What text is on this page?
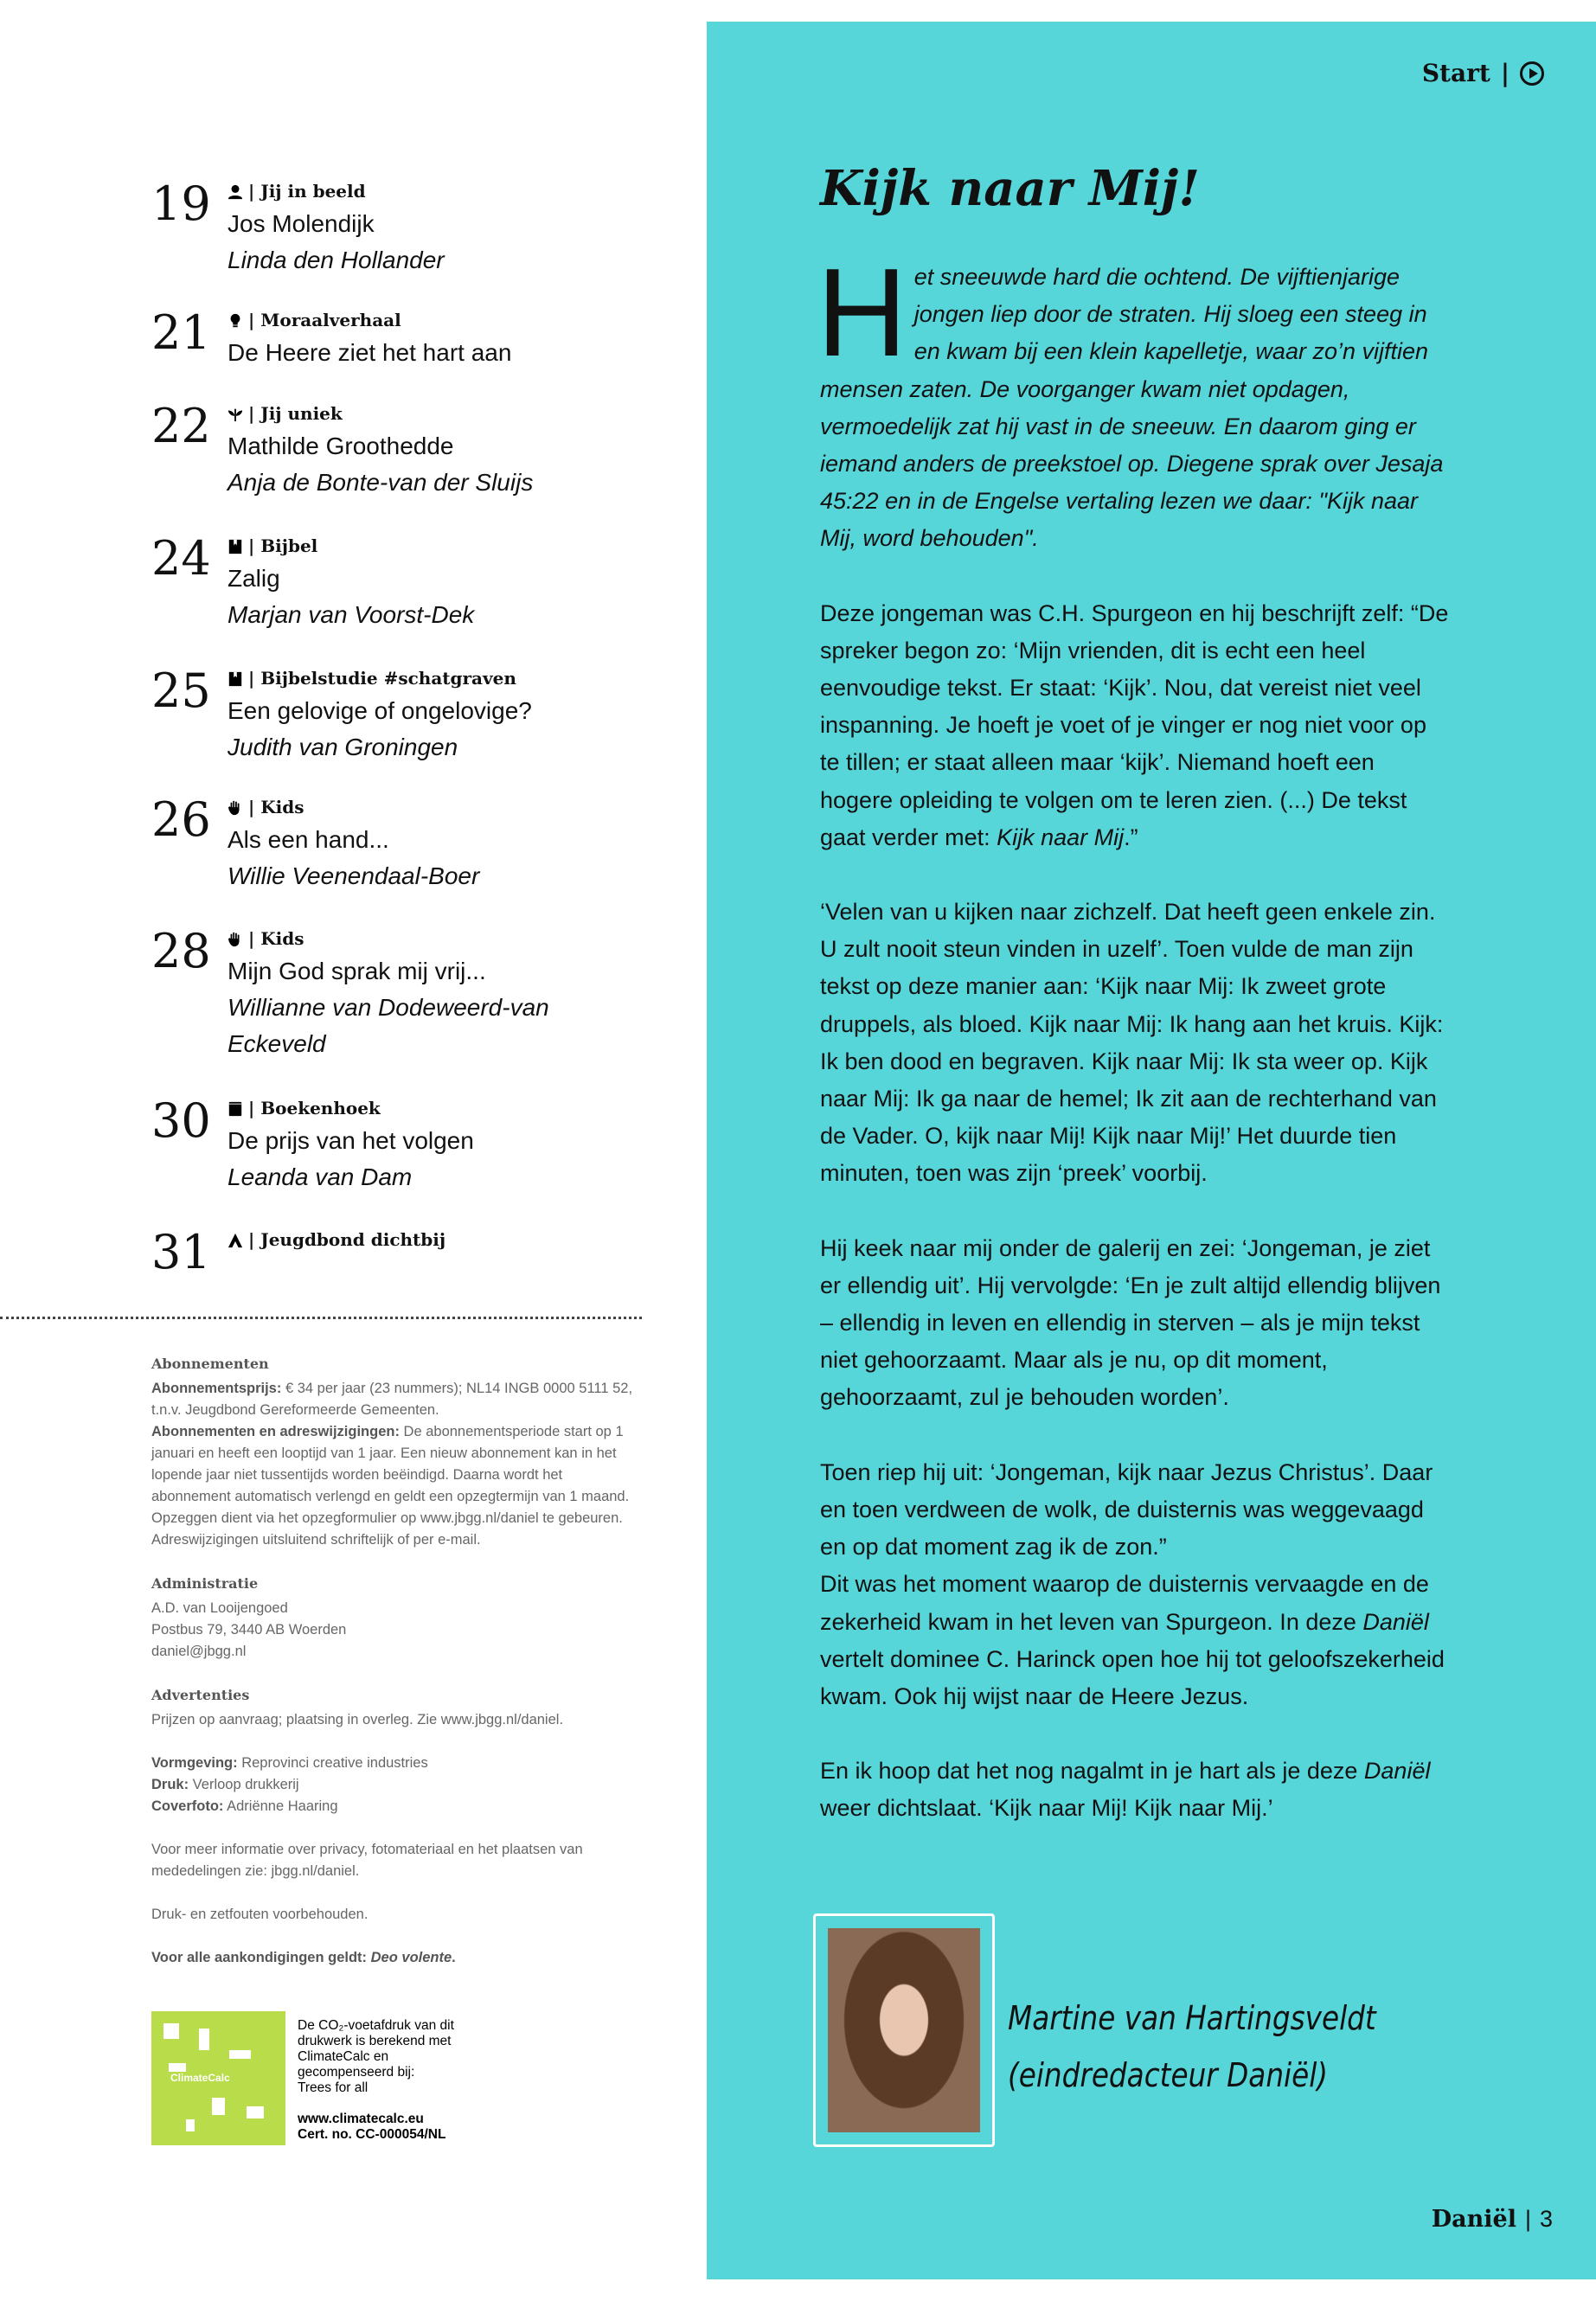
Start |
19 | Jij in beeld
Jos Molendijk
Linda den Hollander
21 | Moraalverhaal
De Heere ziet het hart aan
22 | Jij uniek
Mathilde Groothedde
Anja de Bonte-van der Sluijs
24 | Bijbel
Zalig
Marjan van Voorst-Dek
25 | Bijbelstudie #schatgraven
Een gelovige of ongelovige?
Judith van Groningen
26 | Kids
Als een hand...
Willie Veenendaal-Boer
28 | Kids
Mijn God sprak mij vrij...
Willianne van Dodeweerd-van Eckeveld
30 | Boekenhoek
De prijs van het volgen
Leanda van Dam
31 | Jeugdbond dichtbij
Abonnementen

Abonnementsprijs: € 34 per jaar (23 nummers); NL14 INGB 0000 5111 52, t.n.v. Jeugdbond Gereformeerde Gemeenten.
Abonnementen en adreswijzigingen: De abonnementsperiode start op 1 januari en heeft een looptijd van 1 jaar. Een nieuw abonnement kan in het lopende jaar niet tussentijds worden beëindigd. Daarna wordt het abonnement automatisch verlengd en geldt een opzegtermijn van 1 maand. Opzeggen dient via het opzegformulier op www.jbgg.nl/daniel te gebeuren. Adreswijzigingen uitsluitend schriftelijk of per e-mail.

Administratie

A.D. van Looijengoed
Postbus 79, 3440 AB Woerden
daniel@jbgg.nl

Advertenties

Prijzen op aanvraag; plaatsing in overleg. Zie www.jbgg.nl/daniel.

Vormgeving: Reprovinci creative industries
Druk: Verloop drukkerij
Coverfoto: Adriënne Haaring

Voor meer informatie over privacy, fotomateriaal en het plaatsen van mededelingen zie: jbgg.nl/daniel.

Druk- en zetfouten voorbehouden.

Voor alle aankondigingen geldt: Deo volente.

ClimateCalc
De CO₂-voetafdruk van dit
drukwerk is berekend met
ClimateCalc en
gecompenseerd bij:
Trees for all
www.climatecalc.eu
Cert. no. CC-000054/NL
Kijk naar Mij!

Het sneeuwde hard die ochtend. De vijftienjarige jongen liep door de straten. Hij sloeg een steeg in en kwam bij een klein kapelletje, waar zo’n vijftien mensen zaten. De voorganger kwam niet opdagen, vermoedelijk zat hij vast in de sneeuw. En daarom ging er iemand anders de preekstoel op. Diegene sprak over Jesaja 45:22 en in de Engelse vertaling lezen we daar: "Kijk naar Mij, word behouden".

Deze jongeman was C.H. Spurgeon en hij beschrijft zelf: “De spreker begon zo: ‘Mijn vrienden, dit is echt een heel eenvoudige tekst. Er staat: ‘Kijk’. Nou, dat vereist niet veel inspanning. Je hoeft je voet of je vinger er nog niet voor op te tillen; er staat alleen maar ‘kijk’. Niemand hoeft een hogere opleiding te volgen om te leren zien. (...) De tekst gaat verder met: Kijk naar Mij.”

‘Velen van u kijken naar zichzelf. Dat heeft geen enkele zin. U zult nooit steun vinden in uzelf’. Toen vulde de man zijn tekst op deze manier aan: ‘Kijk naar Mij: Ik zweet grote druppels, als bloed. Kijk naar Mij: Ik hang aan het kruis. Kijk: Ik ben dood en begraven. Kijk naar Mij: Ik sta weer op. Kijk naar Mij: Ik ga naar de hemel; Ik zit aan de rechterhand van de Vader. O, kijk naar Mij! Kijk naar Mij!’ Het duurde tien minuten, toen was zijn ‘preek’ voorbij.

Hij keek naar mij onder de galerij en zei: ‘Jongeman, je ziet er ellendig uit’. Hij vervolgde: ‘En je zult altijd ellendig blijven – ellendig in leven en ellendig in sterven – als je mijn tekst niet gehoorzaamt. Maar als je nu, op dit moment, gehoorzaamt, zul je behouden worden’.

Toen riep hij uit: ‘Jongeman, kijk naar Jezus Christus’. Daar en toen verdween de wolk, de duisternis was weggevaagd en op dat moment zag ik de zon.”
Dit was het moment waarop de duisternis vervaagde en de zekerheid kwam in het leven van Spurgeon. In deze Daniël vertelt dominee C. Harinck open hoe hij tot geloofszekerheid kwam. Ook hij wijst naar de Heere Jezus.

En ik hoop dat het nog nagalmt in je hart als je deze Daniël weer dichtslaat. ‘Kijk naar Mij! Kijk naar Mij.’

Martine van Hartingsveldt
(eindredacteur Daniël)
Daniël | 3
